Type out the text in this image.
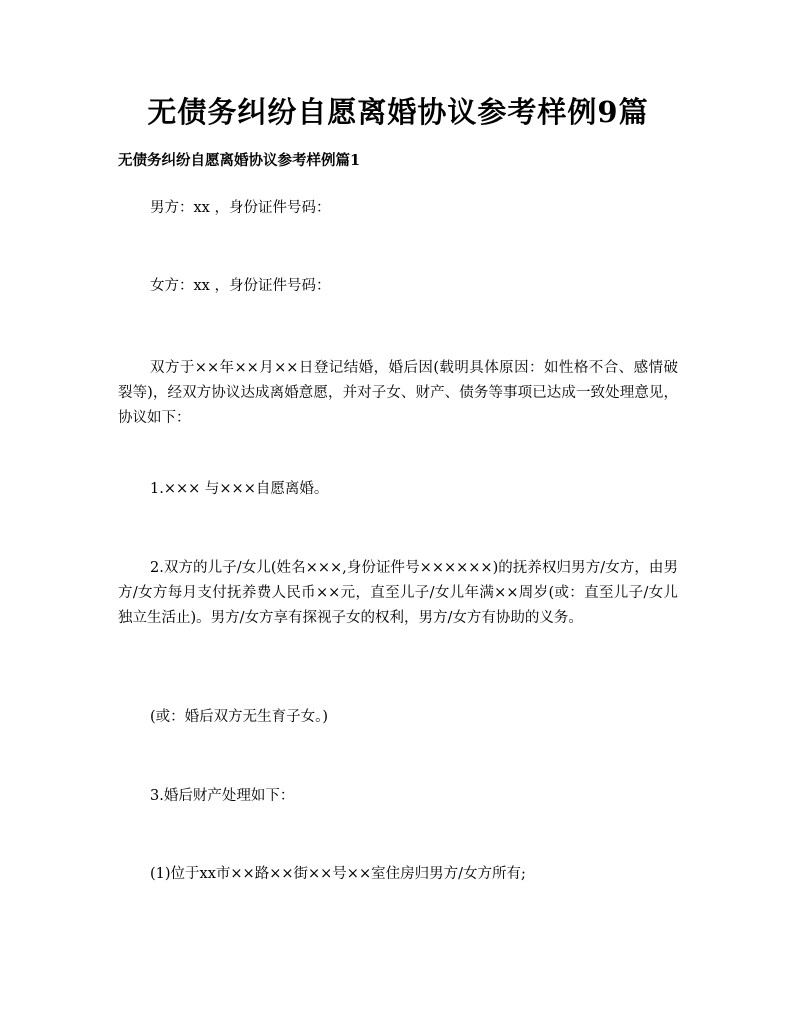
无债务纠纷自愿离婚协议参考样例9篇
无债务纠纷自愿离婚协议参考样例篇1

男方：xx ，身份证件号码：

女方：xx ，身份证件号码：

双方于××年××月××日登记结婚，婚后因(载明具体原因：如性格不合、感情破裂等)，经双方协议达成离婚意愿，并对子女、财产、债务等事项已达成一致处理意见，协议如下：

1.××× 与×××自愿离婚。

2.双方的儿子/女儿(姓名×××,身份证件号××××××)的抚养权归男方/女方，由男方/女方每月支付抚养费人民币××元，直至儿子/女儿年满××周岁(或：直至儿子/女儿独立生活止)。男方/女方享有探视子女的权利，男方/女方有协助的义务。

(或：婚后双方无生育子女。)

3.婚后财产处理如下：

(1)位于xx市××路××街××号××室住房归男方/女方所有;
